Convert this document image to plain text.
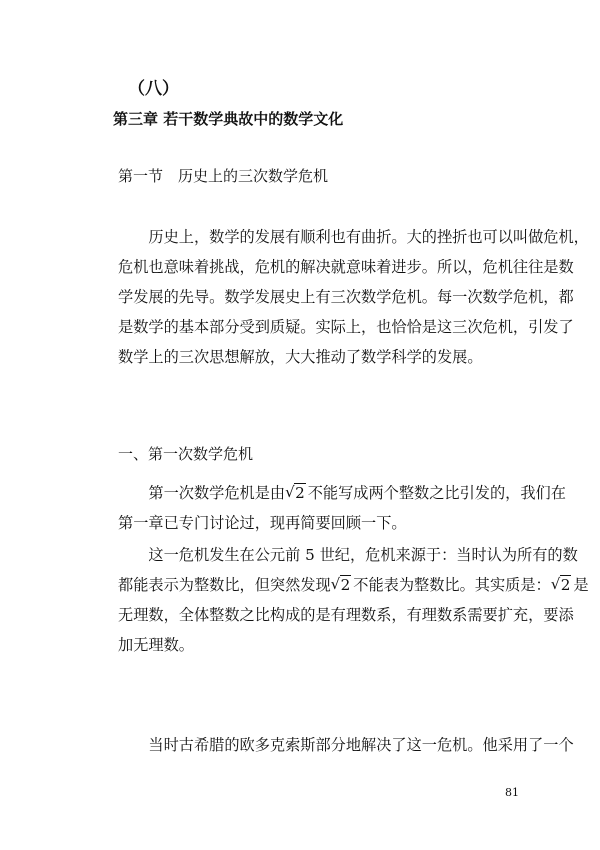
（八）
第三章 若干数学典故中的数学文化
第一节　历史上的三次数学危机
　　历史上，数学的发展有顺利也有曲折。大的挫折也可以叫做危机，
危机也意味着挑战，危机的解决就意味着进步。所以，危机往往是数
学发展的先导。数学发展史上有三次数学危机。每一次数学危机，都
是数学的基本部分受到质疑。实际上，也恰恰是这三次危机，引发了
数学上的三次思想解放，大大推动了数学科学的发展。
一、第一次数学危机
　　第一次数学危机是由 √ 2 不能写成两个整数之比引发的，我们在
第一章已专门讨论过，现再简要回顾一下。
　　这一危机发生在公元前 5 世纪，危机来源于：当时认为所有的数
都能表示为整数比，但突然发现 √ 2 不能表为整数比。其实质是： √ 2 是
无理数，全体整数之比构成的是有理数系，有理数系需要扩充，要添
加无理数。
　　当时古希腊的欧多克索斯部分地解决了这一危机。他采用了一个
81
